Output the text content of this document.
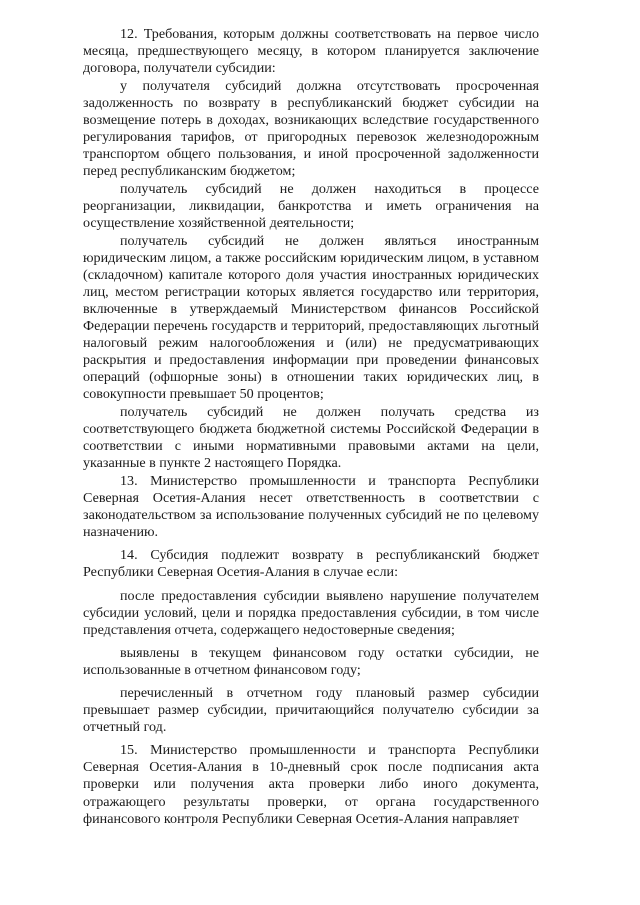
12. Требования, которым должны соответствовать на первое число месяца, предшествующего месяцу, в котором планируется заключение договора, получатели субсидии:

у получателя субсидий должна отсутствовать просроченная задолженность по возврату в республиканский бюджет субсидии на возмещение потерь в доходах, возникающих вследствие государственного регулирования тарифов, от пригородных перевозок железнодорожным транспортом общего пользования, и иной просроченной задолженности перед республиканским бюджетом;

получатель субсидий не должен находиться в процессе реорганизации, ликвидации, банкротства и иметь ограничения на осуществление хозяйственной деятельности;

получатель субсидий не должен являться иностранным юридическим лицом, а также российским юридическим лицом, в уставном (складочном) капитале которого доля участия иностранных юридических лиц, местом регистрации которых является государство или территория, включенные в утверждаемый Министерством финансов Российской Федерации перечень государств и территорий, предоставляющих льготный налоговый режим налогообложения и (или) не предусматривающих раскрытия и предоставления информации при проведении финансовых операций (офшорные зоны) в отношении таких юридических лиц, в совокупности превышает 50 процентов;

получатель субсидий не должен получать средства из соответствующего бюджета бюджетной системы Российской Федерации в соответствии с иными нормативными правовыми актами на цели, указанные в пункте 2 настоящего Порядка.

13. Министерство промышленности и транспорта Республики Северная Осетия-Алания несет ответственность в соответствии с законодательством за использование полученных субсидий не по целевому назначению.

14. Субсидия подлежит возврату в республиканский бюджет Республики Северная Осетия-Алания в случае если:

после предоставления субсидии выявлено нарушение получателем субсидии условий, цели и порядка предоставления субсидии, в том числе представления отчета, содержащего недостоверные сведения;

выявлены в текущем финансовом году остатки субсидии, не использованные в отчетном финансовом году;

перечисленный в отчетном году плановый размер субсидии превышает размер субсидии, причитающийся получателю субсидии за отчетный год.

15. Министерство промышленности и транспорта Республики Северная Осетия-Алания в 10-дневный срок после подписания акта проверки или получения акта проверки либо иного документа, отражающего результаты проверки, от органа государственного финансового контроля Республики Северная Осетия-Алания направляет
